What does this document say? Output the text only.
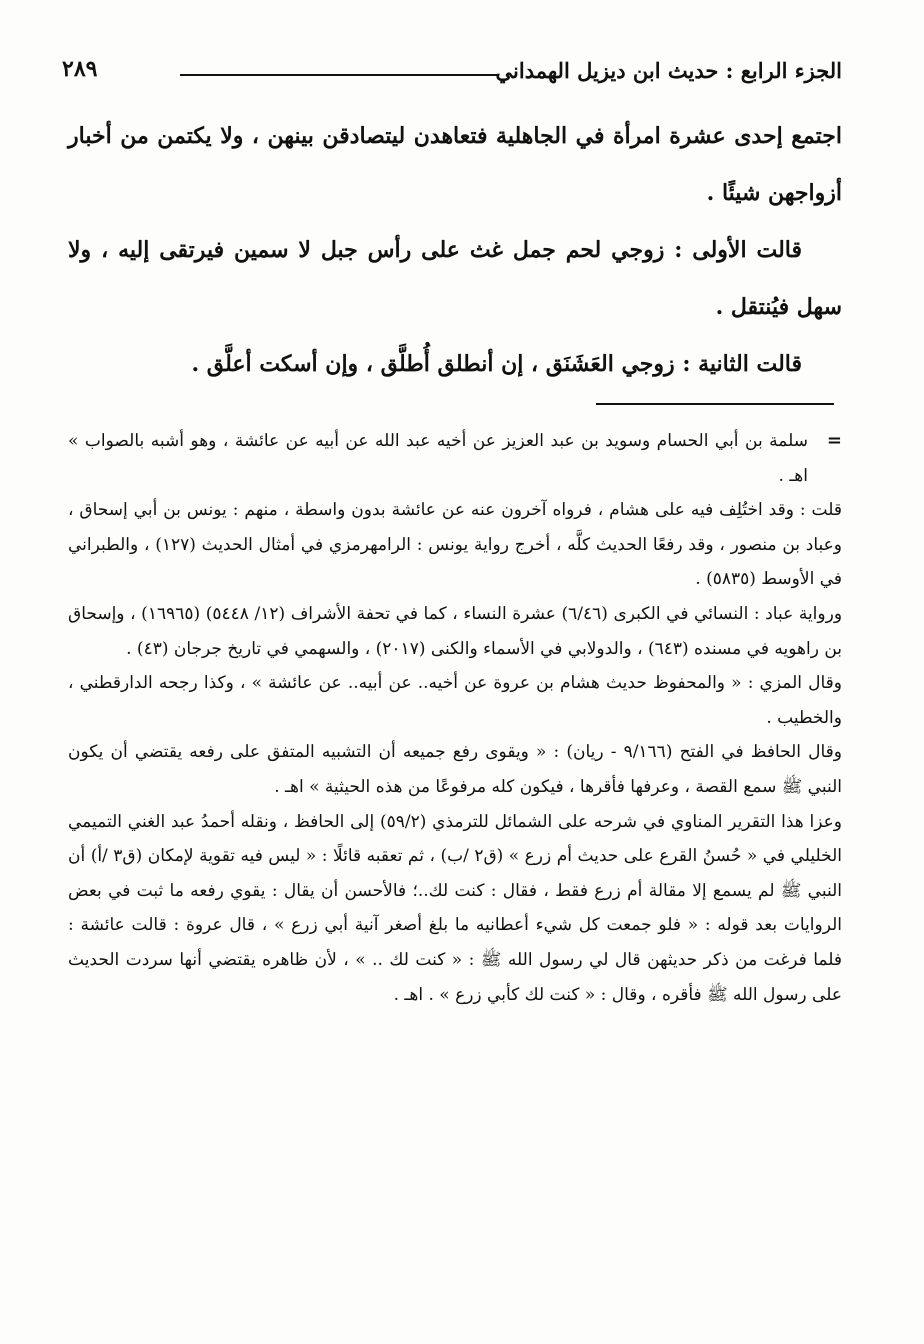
الجزء الرابع : حديث ابن ديزيل الهمداني
٢٨٩

اجتمع إحدى عشرة امرأة في الجاهلية فتعاهدن ليتصادقن بينهن ، ولا يكتمن من أخبار أزواجهن شيئًا .

قالت الأولى : زوجي لحم جمل غث على رأس جبل لا سمين فيرتقى إليه ، ولا سهل فيُنتقل .

قالت الثانية : زوجي العَشَنَق ، إن أنطلق أُطلَّق ، وإن أسكت أعلَّق .

=

سلمة بن أبي الحسام وسويد بن عبد العزيز عن أخيه عبد الله عن أبيه عن عائشة ، وهو أشبه بالصواب » اهـ .

قلت : وقد اختُلِف فيه على هشام ، فرواه آخرون عنه عن عائشة بدون واسطة ، منهم : يونس بن أبي إسحاق ، وعباد بن منصور ، وقد رفعًا الحديث كلَّه ، أخرج رواية يونس : الرامهرمزي في أمثال الحديث (١٢٧) ، والطبراني في الأوسط (٥٨٣٥) .

ورواية عباد : النسائي في الكبرى (٦/٤٦) عشرة النساء ، كما في تحفة الأشراف (١٢/ ٥٤٤٨) (١٦٩٦٥) ، وإسحاق بن راهويه في مسنده (٦٤٣) ، والدولابي في الأسماء والكنى (٢٠١٧) ، والسهمي في تاريخ جرجان (٤٣) .

وقال المزي : « والمحفوظ حديث هشام بن عروة عن أخيه.. عن أبيه.. عن عائشة » ، وكذا رجحه الدارقطني ، والخطيب .

وقال الحافظ في الفتح (٩/١٦٦ - ريان) : « ويقوى رفع جميعه أن التشبيه المتفق على رفعه يقتضي أن يكون النبي ﷺ سمع القصة ، وعرفها فأقرها ، فيكون كله مرفوعًا من هذه الحيثية » اهـ .

وعزا هذا التقرير المناوي في شرحه على الشمائل للترمذي (٥٩/٢) إلى الحافظ ، ونقله أحمدُ عبد الغني التميمي الخليلي في « حُسنُ القرع على حديث أم زرع » (ق٢ /ب) ، ثم تعقبه قائلًا : « ليس فيه تقوية لإمكان (ق٣ /أ) أن النبي ﷺ لم يسمع إلا مقالة أم زرع فقط ، فقال : كنت لك..؛ فالأحسن أن يقال : يقوي رفعه ما ثبت في بعض الروايات بعد قوله : « فلو جمعت كل شيء أعطانيه ما بلغ أصغر آنية أبي زرع » ، قال عروة : قالت عائشة : فلما فرغت من ذكر حديثهن قال لي رسول الله ﷺ : « كنت لك .. » ، لأن ظاهره يقتضي أنها سردت الحديث على رسول الله ﷺ فأقره ، وقال : « كنت لك كأبي زرع » . اهـ .
